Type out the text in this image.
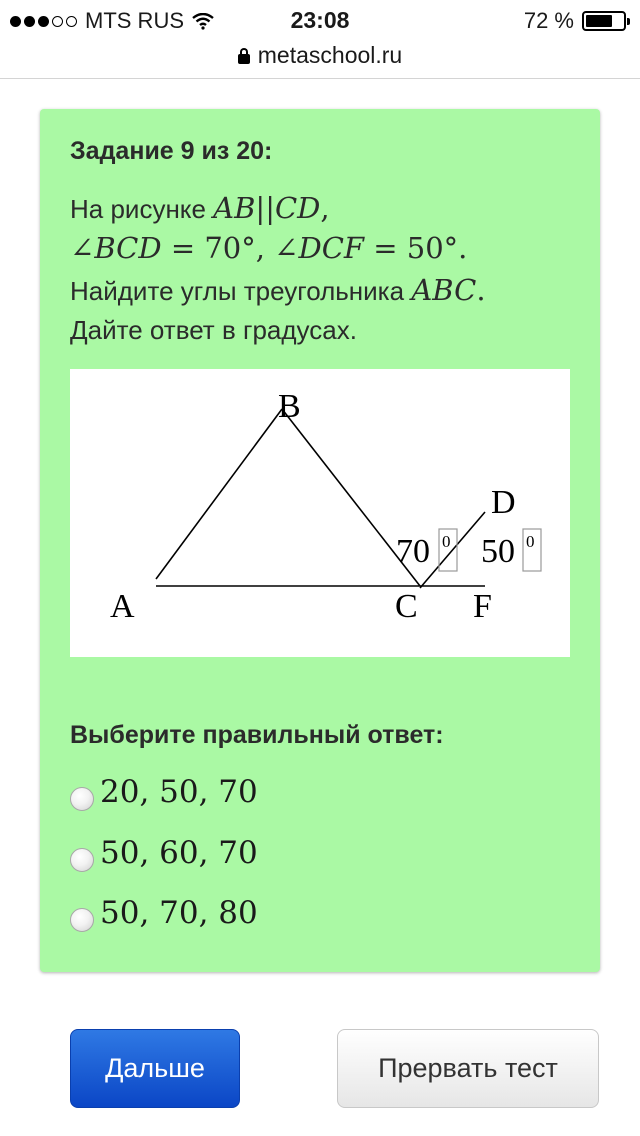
MTS RUS	23:08	72 %
metaschool.ru
Задание 9 из 20:
На рисунке AB||CD,
∠BCD = 70°, ∠DCF = 50°.
Найдите углы треугольника ABC.
Дайте ответ в градусах.
A
B
C
D
F
70 0 50 0
Выберите правильный ответ:
20, 50, 70
50, 60, 70
50, 70, 80
Дальше	Прервать тест
